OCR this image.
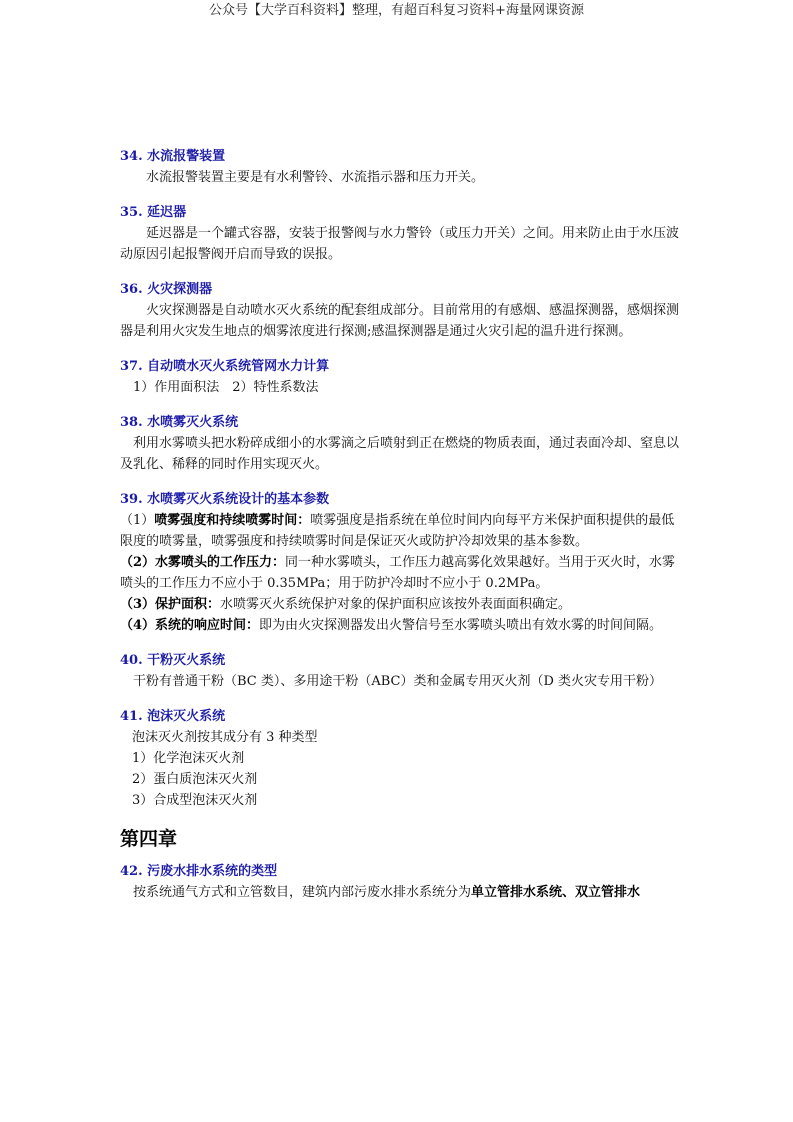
公众号【大学百科资料】整理，有超百科复习资料+海量网课资源

34. 水流报警装置

水流报警装置主要是有水利警铃、水流指示器和压力开关。

35. 延迟器

延迟器是一个罐式容器，安装于报警阀与水力警铃（或压力开关）之间。用来防止由于水压波动原因引起报警阀开启而导致的误报。

36. 火灾探测器

火灾探测器是自动喷水灭火系统的配套组成部分。目前常用的有感烟、感温探测器，感烟探测器是利用火灾发生地点的烟雾浓度进行探测;感温探测器是通过火灾引起的温升进行探测。

37. 自动喷水灭火系统管网水力计算

1）作用面积法　2）特性系数法

38. 水喷雾灭火系统

利用水雾喷头把水粉碎成细小的水雾滴之后喷射到正在燃烧的物质表面，通过表面冷却、窒息以及乳化、稀释的同时作用实现灭火。

39. 水喷雾灭火系统设计的基本参数

（1）喷雾强度和持续喷雾时间：喷雾强度是指系统在单位时间内向每平方米保护面积提供的最低限度的喷雾量，喷雾强度和持续喷雾时间是保证灭火或防护冷却效果的基本参数。

（2）水雾喷头的工作压力：同一种水雾喷头，工作压力越高雾化效果越好。当用于灭火时，水雾喷头的工作压力不应小于 0.35MPa；用于防护冷却时不应小于 0.2MPa。

（3）保护面积：水喷雾灭火系统保护对象的保护面积应该按外表面面积确定。

（4）系统的响应时间：即为由火灾探测器发出火警信号至水雾喷头喷出有效水雾的时间间隔。

40. 干粉灭火系统

干粉有普通干粉（BC 类）、多用途干粉（ABC）类和金属专用灭火剂（D 类火灾专用干粉）

41. 泡沫灭火系统

泡沫灭火剂按其成分有 3 种类型

1）化学泡沫灭火剂

2）蛋白质泡沫灭火剂

3）合成型泡沫灭火剂

第四章

42. 污废水排水系统的类型

按系统通气方式和立管数目，建筑内部污废水排水系统分为单立管排水系统、双立管排水
